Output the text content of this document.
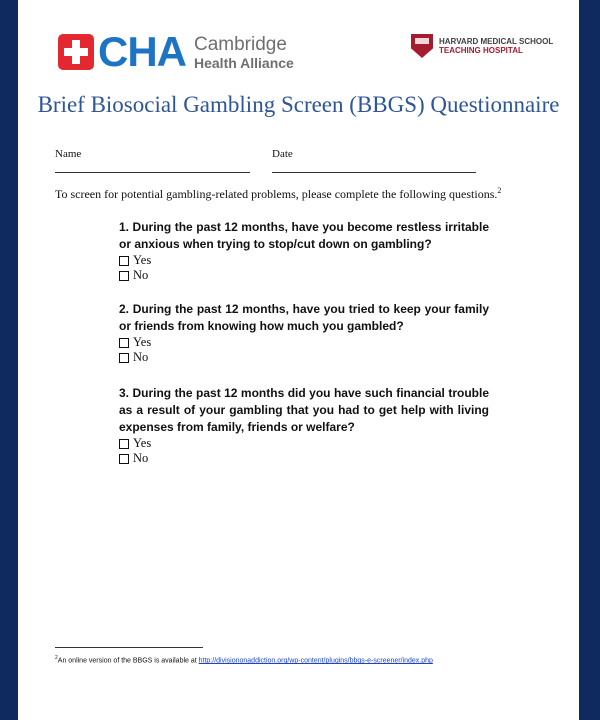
CHA Cambridge
Health Alliance
HARVARD MEDICAL SCHOOL
TEACHING HOSPITAL
Brief Biosocial Gambling Screen (BBGS) Questionnaire
Name	Date
To screen for potential gambling-related problems, please complete the following questions.$^2$
1. During the past 12 months, have you become restless irritable or anxious when trying to stop/cut down on gambling?
Yes
No
2. During the past 12 months, have you tried to keep your family or friends from knowing how much you gambled?
Yes
No
3. During the past 12 months did you have such financial trouble as a result of your gambling that you had to get help with living expenses from family, friends or welfare?
Yes
No
$^2$An online version of the BBGS is available at http://divisiononaddiction.org/wp-content/plugins/bbgs-e-screener/index.php
